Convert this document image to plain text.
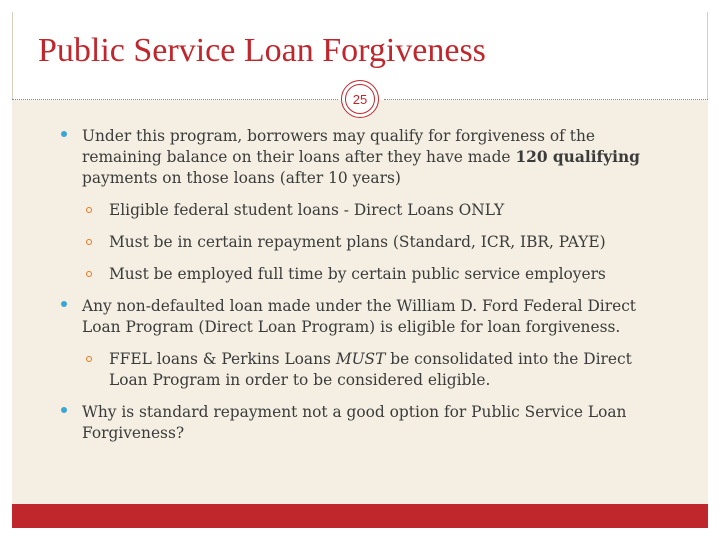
Public Service Loan Forgiveness
25
Under this program, borrowers may qualify for forgiveness of the remaining balance on their loans after they have made 120 qualifying payments on those loans (after 10 years)
Eligible federal student loans - Direct Loans ONLY
Must be in certain repayment plans (Standard, ICR, IBR, PAYE)
Must be employed full time by certain public service employers
Any non-defaulted loan made under the William D. Ford Federal Direct Loan Program (Direct Loan Program) is eligible for loan forgiveness.
FFEL loans & Perkins Loans MUST be consolidated into the Direct Loan Program in order to be considered eligible.
Why is standard repayment not a good option for Public Service Loan Forgiveness?
